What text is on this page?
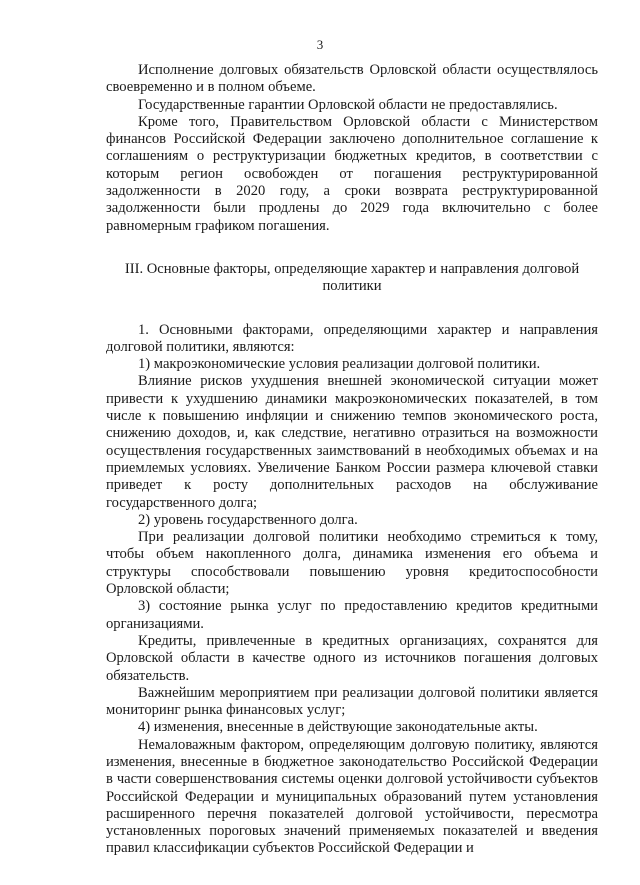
3

Исполнение долговых обязательств Орловской области осуществлялось своевременно и в полном объеме.

Государственные гарантии Орловской области не предоставлялись.

Кроме того, Правительством Орловской области с Министерством финансов Российской Федерации заключено дополнительное соглашение к соглашениям о реструктуризации бюджетных кредитов, в соответствии с которым регион освобожден от погашения реструктурированной задолженности в 2020 году, а сроки возврата реструктурированной задолженности были продлены до 2029 года включительно с более равномерным графиком погашения.

III. Основные факторы, определяющие характер и направления долговой политики

1. Основными факторами, определяющими характер и направления долговой политики, являются:

1) макроэкономические условия реализации долговой политики.

Влияние рисков ухудшения внешней экономической ситуации может привести к ухудшению динамики макроэкономических показателей, в том числе к повышению инфляции и снижению темпов экономического роста, снижению доходов, и, как следствие, негативно отразиться на возможности осуществления государственных заимствований в необходимых объемах и на приемлемых условиях. Увеличение Банком России размера ключевой ставки приведет к росту дополнительных расходов на обслуживание государственного долга;

2) уровень государственного долга.

При реализации долговой политики необходимо стремиться к тому, чтобы объем накопленного долга, динамика изменения его объема и структуры способствовали повышению уровня кредитоспособности Орловской области;

3) состояние рынка услуг по предоставлению кредитов кредитными организациями.

Кредиты, привлеченные в кредитных организациях, сохранятся для Орловской области в качестве одного из источников погашения долговых обязательств.

Важнейшим мероприятием при реализации долговой политики является мониторинг рынка финансовых услуг;

4) изменения, внесенные в действующие законодательные акты.

Немаловажным фактором, определяющим долговую политику, являются изменения, внесенные в бюджетное законодательство Российской Федерации в части совершенствования системы оценки долговой устойчивости субъектов Российской Федерации и муниципальных образований путем установления расширенного перечня показателей долговой устойчивости, пересмотра установленных пороговых значений применяемых показателей и введения правил классификации субъектов Российской Федерации и
